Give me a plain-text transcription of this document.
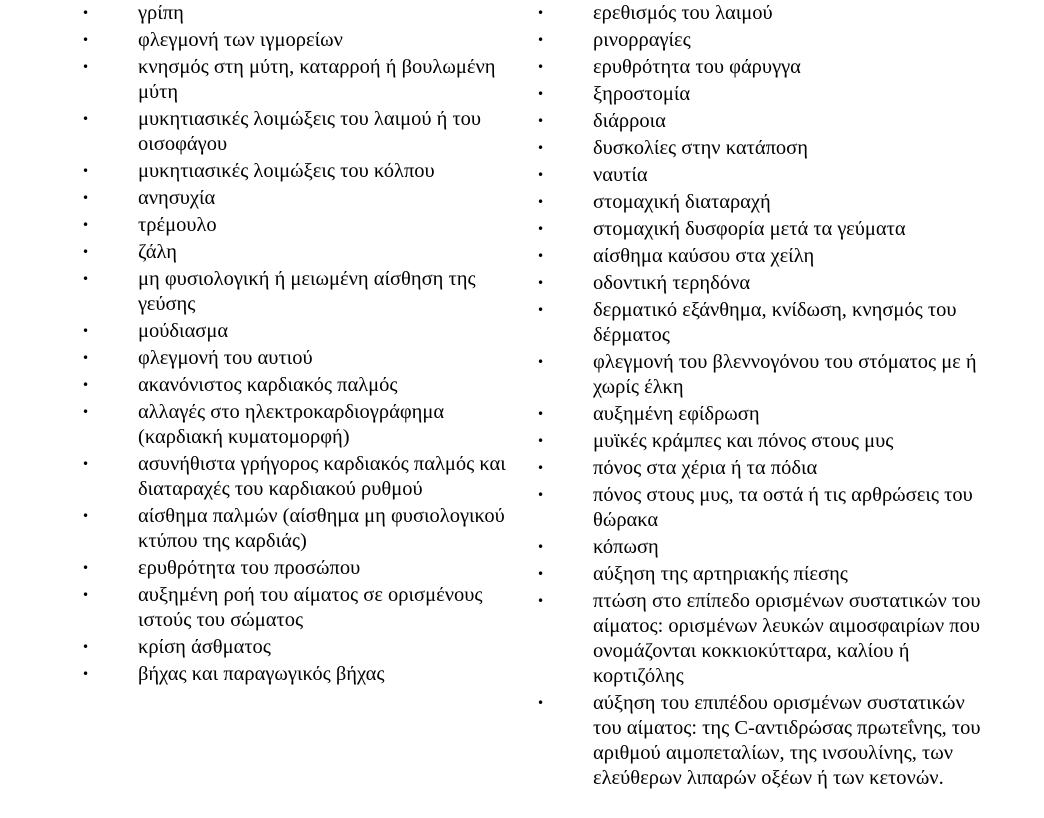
• γρίπη
• φλεγμονή των ιγμορείων
• κνησμός στη μύτη, καταρροή ή βουλωμένη μύτη
• μυκητιασικές λοιμώξεις του λαιμού ή του οισοφάγου
• μυκητιασικές λοιμώξεις του κόλπου
• ανησυχία
• τρέμουλο
• ζάλη
• μη φυσιολογική ή μειωμένη αίσθηση της γεύσης
• μούδιασμα
• φλεγμονή του αυτιού
• ακανόνιστος καρδιακός παλμός
• αλλαγές στο ηλεκτροκαρδιογράφημα (καρδιακή κυματομορφή)
• ασυνήθιστα γρήγορος καρδιακός παλμός και διαταραχές του καρδιακού ρυθμού
• αίσθημα παλμών (αίσθημα μη φυσιολογικού κτύπου της καρδιάς)
• ερυθρότητα του προσώπου
• αυξημένη ροή του αίματος σε ορισμένους ιστούς του σώματος
• κρίση άσθματος
• βήχας και παραγωγικός βήχας
• ερεθισμός του λαιμού
• ρινορραγίες
• ερυθρότητα του φάρυγγα
• ξηροστομία
• διάρροια
• δυσκολίες στην κατάποση
• ναυτία
• στομαχική διαταραχή
• στομαχική δυσφορία μετά τα γεύματα
• αίσθημα καύσου στα χείλη
• οδοντική τερηδόνα
• δερματικό εξάνθημα, κνίδωση, κνησμός του δέρματος
• φλεγμονή του βλεννογόνου του στόματος με ή χωρίς έλκη
• αυξημένη εφίδρωση
• μυϊκές κράμπες και πόνος στους μυς
• πόνος στα χέρια ή τα πόδια
• πόνος στους μυς, τα οστά ή τις αρθρώσεις του θώρακα
• κόπωση
• αύξηση της αρτηριακής πίεσης
• πτώση στο επίπεδο ορισμένων συστατικών του αίματος: ορισμένων λευκών αιμοσφαιρίων που ονομάζονται κοκκιοκύτταρα, καλίου ή κορτιζόλης
• αύξηση του επιπέδου ορισμένων συστατικών του αίματος: της C-αντιδρώσας πρωτεΐνης, του αριθμού αιμοπεταλίων, της ινσουλίνης, των ελεύθερων λιπαρών οξέων ή των κετονών.
